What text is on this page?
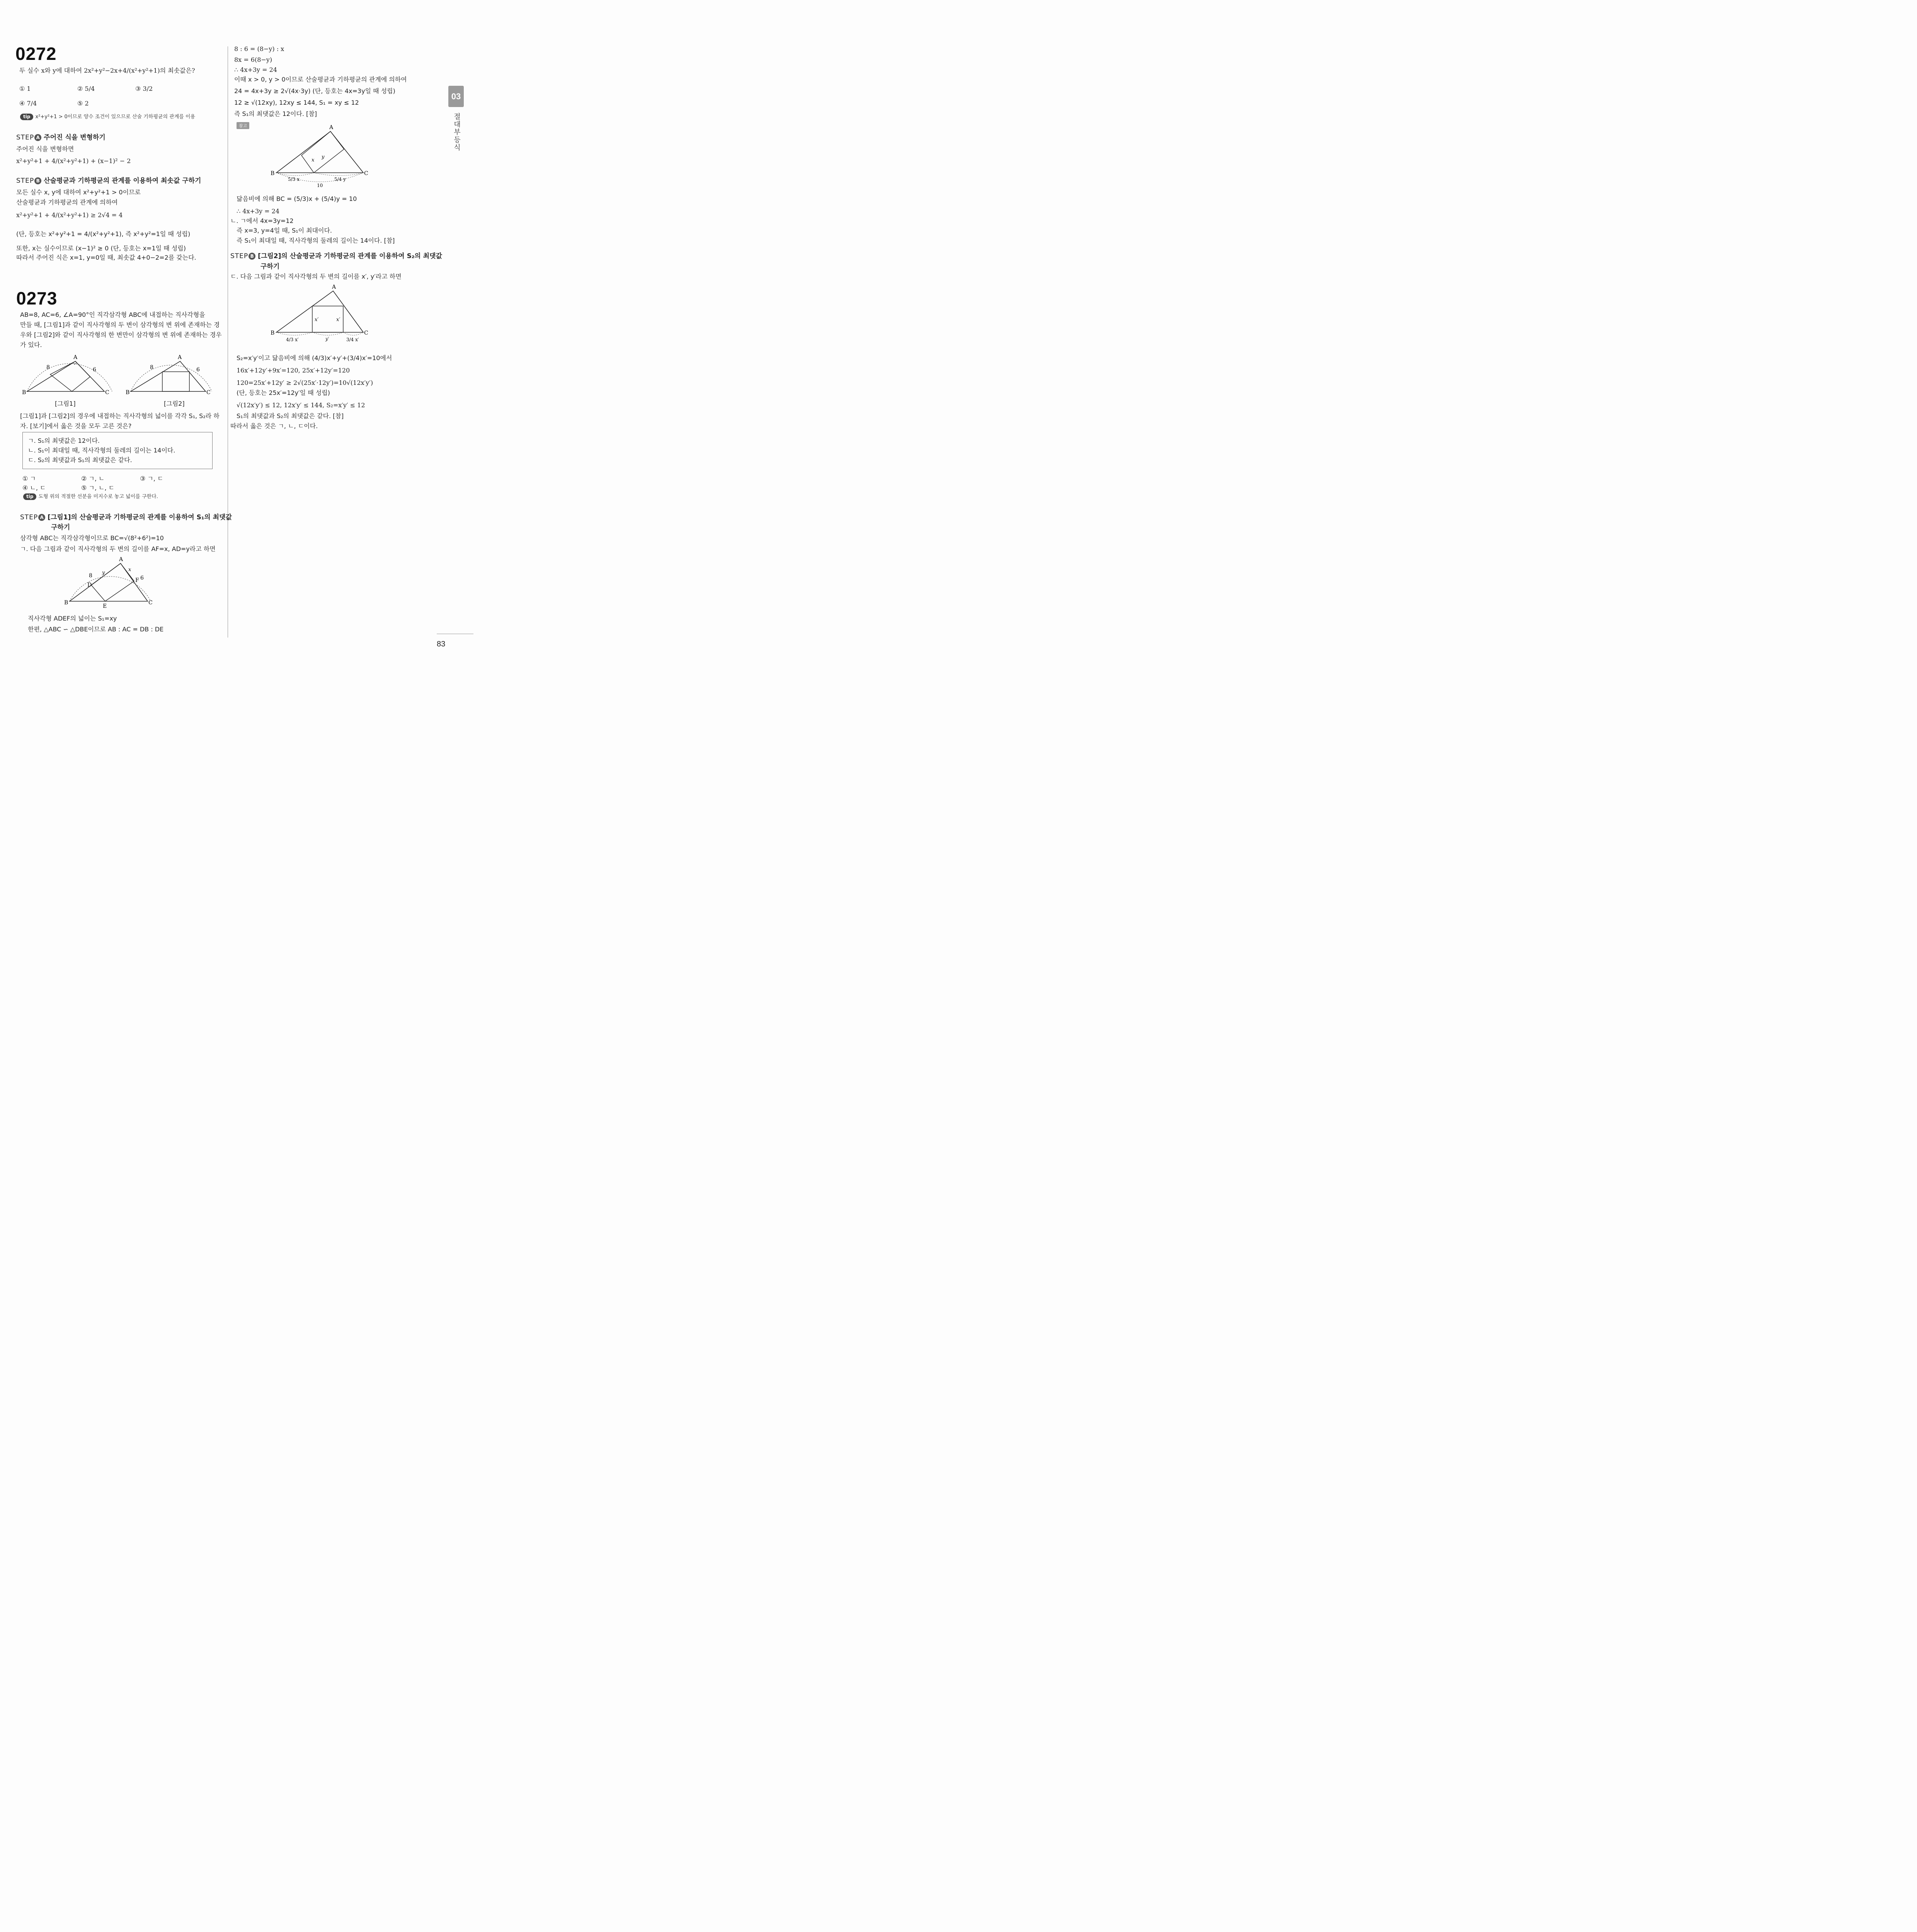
03
절대부등식
0272
두 실수 x와 y에 대하여 2x²+y²−2x+4/(x²+y²+1)의 최솟값은?
① 1	② 5/4	③ 3/2
④ 7/4	⑤ 2
tip x²+y²+1 > 0이므로 양수 조건이 있으므로 산술 기하평균의 관계를 이용
STEP A 주어진 식을 변형하기
주어진 식을 변형하면
x²+y²+1 + 4/(x²+y²+1) + (x−1)² − 2
STEP B 산술평균과 기하평균의 관계를 이용하여 최솟값 구하기
모든 실수 x, y에 대하여 x²+y²+1 > 0이므로
산술평균과 기하평균의 관계에 의하여
x²+y²+1 + 4/(x²+y²+1) ≥ 2√4 = 4
(단, 등호는 x²+y²+1 = 4/(x²+y²+1), 즉 x²+y²=1일 때 성립)
또한, x는 실수이므로 (x−1)² ≥ 0 (단, 등호는 x=1일 때 성립)
따라서 주어진 식은 x=1, y=0일 때, 최솟값 4+0−2=2를 갖는다.
0273
AB=8, AC=6, ∠A=90°인 직각삼각형 ABC에 내접하는 직사각형을
만들 때, [그림1]과 같이 직사각형의 두 변이 삼각형의 변 위에 존재하는 경
우와 [그림2]와 같이 직사각형의 한 변만이 삼각형의 변 위에 존재하는 경우
가 있다.
A
B	C
8	6
[그림1]
A
B	C
8	6
[그림2]
[그림1]과 [그림2]의 경우에 내접하는 직사각형의 넓이를 각각 S₁, S₂라 하
자. [보기]에서 옳은 것을 모두 고른 것은?
ㄱ. S₁의 최댓값은 12이다.
ㄴ. S₁이 최대일 때, 직사각형의 둘레의 길이는 14이다.
ㄷ. S₂의 최댓값과 S₁의 최댓값은 같다.
① ㄱ	② ㄱ, ㄴ	③ ㄱ, ㄷ
④ ㄴ, ㄷ	⑤ ㄱ, ㄴ, ㄷ
tip 도형 위의 적절한 선분을 미지수로 놓고 넓이를 구한다.
STEP A [그림1]의 산술평균과 기하평균의 관계를 이용하여 S₁의 최댓값
구하기
삼각형 ABC는 직각삼각형이므로 BC=√(8²+6²)=10
ㄱ. 다음 그림과 같이 직사각형의 두 변의 길이를 AF=x, AD=y라고 하면
A
B	C
D
E
F
8	6
y
x
직사각형 ADEF의 넓이는 S₁=xy
한편, △ABC ∽ △DBE이므로 AB : AC = DB : DE
8 : 6 = (8−y) : x
8x = 6(8−y)
∴ 4x+3y = 24
이때 x > 0, y > 0이므로 산술평균과 기하평균의 관계에 의하여
24 = 4x+3y ≥ 2√(4x·3y) (단, 등호는 4x=3y일 때 성립)
12 ≥ √(12xy), 12xy ≤ 144, S₁ = xy ≤ 12
즉 S₁의 최댓값은 12이다. [참]
참고	A
B	C
x
y
5/3 x	5/4 y
10
닮음비에 의해 BC = (5/3)x + (5/4)y = 10
∴ 4x+3y = 24
ㄴ. ㄱ에서 4x=3y=12
즉 x=3, y=4일 때, S₁이 최대이다.
즉 S₁이 최대일 때, 직사각형의 둘레의 길이는 14이다. [참]
STEP B [그림2]의 산술평균과 기하평균의 관계를 이용하여 S₂의 최댓값
구하기
ㄷ. 다음 그림과 같이 직사각형의 두 변의 길이를 x′, y′라고 하면
A
B	C
x′	x′
4/3 x′	y′	3/4 x′
S₂=x′y′이고 닮음비에 의해 (4/3)x′+y′+(3/4)x′=10에서
16x′+12y′+9x′=120, 25x′+12y′=120
120=25x′+12y′ ≥ 2√(25x′·12y′)=10√(12x′y′)
(단, 등호는 25x′=12y′일 때 성립)
√(12x′y′) ≤ 12, 12x′y′ ≤ 144, S₂=x′y′ ≤ 12
S₁의 최댓값과 S₂의 최댓값은 같다. [참]
따라서 옳은 것은 ㄱ, ㄴ, ㄷ이다.
83
